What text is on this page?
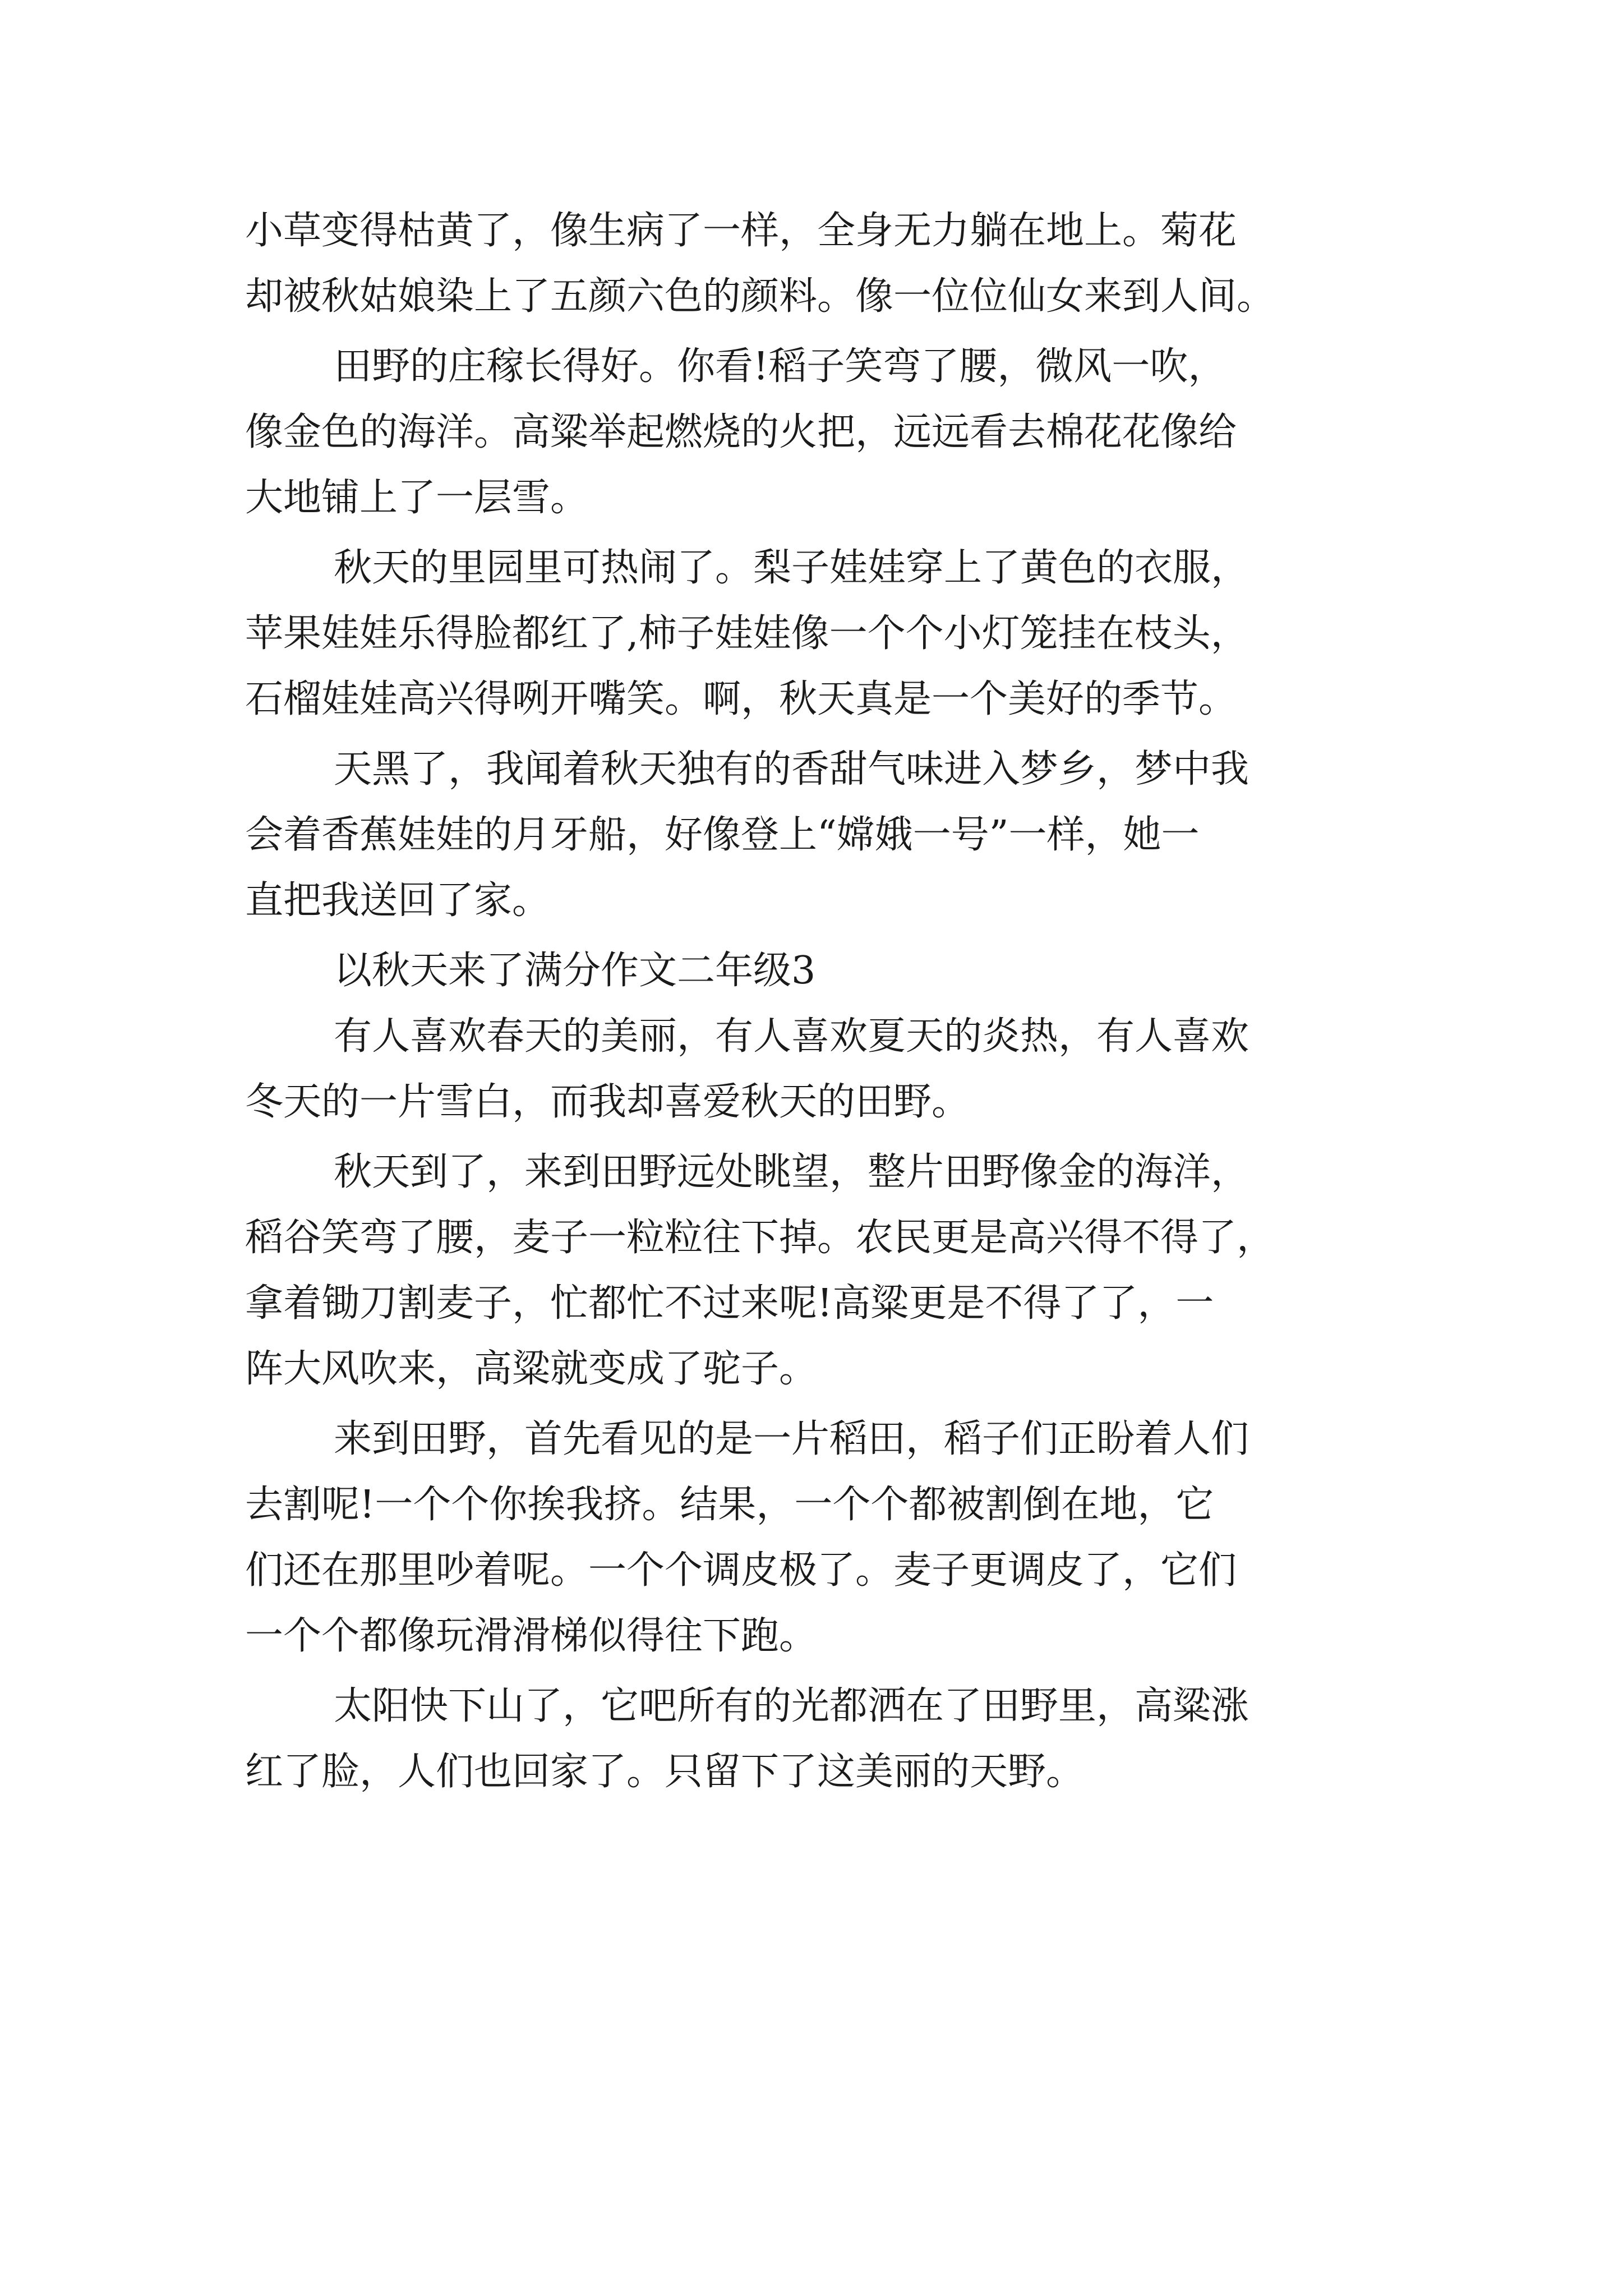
小草变得枯黄了，像生病了一样，全身无力躺在地上。菊花
却被秋姑娘染上了五颜六色的颜料。像一位位仙女来到人间。
田野的庄稼长得好。你看!稻子笑弯了腰，微风一吹，
像金色的海洋。高粱举起燃烧的火把，远远看去棉花花像给
大地铺上了一层雪。
秋天的里园里可热闹了。梨子娃娃穿上了黄色的衣服，
苹果娃娃乐得脸都红了,柿子娃娃像一个个小灯笼挂在枝头，
石榴娃娃高兴得咧开嘴笑。啊，秋天真是一个美好的季节。
天黑了，我闻着秋天独有的香甜气味进入梦乡，梦中我
会着香蕉娃娃的月牙船，好像登上“嫦娥一号”一样，她一
直把我送回了家。
以秋天来了满分作文二年级3
有人喜欢春天的美丽，有人喜欢夏天的炎热，有人喜欢
冬天的一片雪白，而我却喜爱秋天的田野。
秋天到了，来到田野远处眺望，整片田野像金的海洋，
稻谷笑弯了腰，麦子一粒粒往下掉。农民更是高兴得不得了，
拿着锄刀割麦子，忙都忙不过来呢!高粱更是不得了了，一
阵大风吹来，高粱就变成了驼子。
来到田野，首先看见的是一片稻田，稻子们正盼着人们
去割呢!一个个你挨我挤。结果，一个个都被割倒在地，它
们还在那里吵着呢。一个个调皮极了。麦子更调皮了，它们
一个个都像玩滑滑梯似得往下跑。
太阳快下山了，它吧所有的光都洒在了田野里，高粱涨
红了脸，人们也回家了。只留下了这美丽的天野。
